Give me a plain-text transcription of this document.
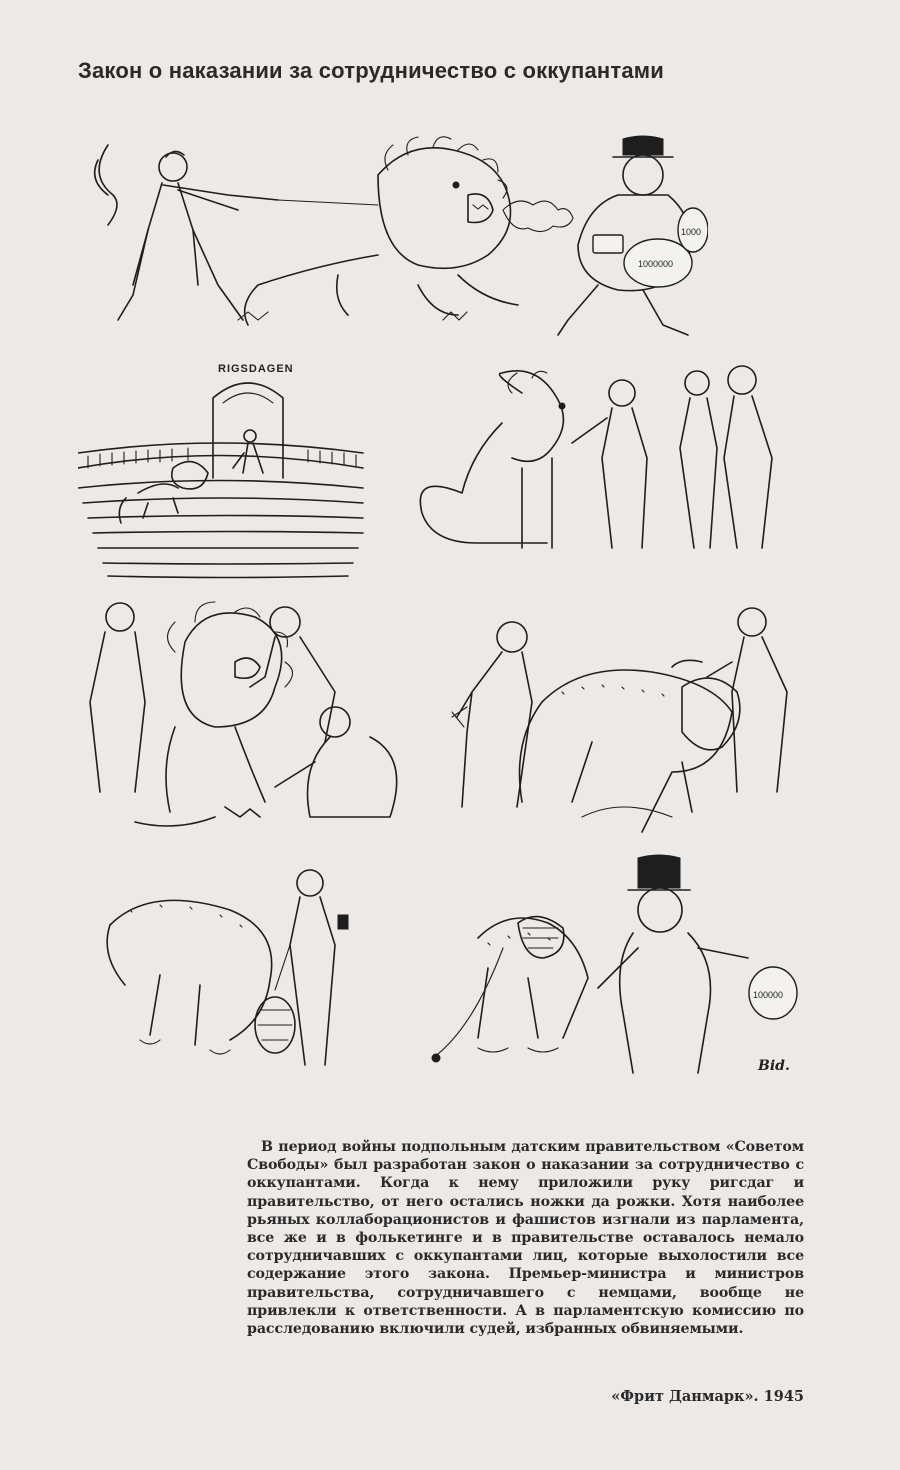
Закон о наказании за сотрудничество с оккупантами
1000000
1000
RIGSDAGEN
100000
Bid.

В период войны подпольным датским правительством «Советом Свободы» был разработан закон о наказании за сотрудничество с оккупантами. Когда к нему приложили руку ригсдаг и правительство, от него остались ножки да рожки. Хотя наиболее рьяных коллаборационистов и фашистов изгнали из парламента, все же и в фолькетинге и в правительстве оставалось немало сотрудничавших с оккупантами лиц, которые выхолостили все содержание этого закона. Премьер-министра и министров правительства, сотрудничавшего с немцами, вообще не привлекли к ответственности. А в парламентскую комиссию по расследованию включили судей, избранных обвиняемыми.

«Фрит Данмарк». 1945
